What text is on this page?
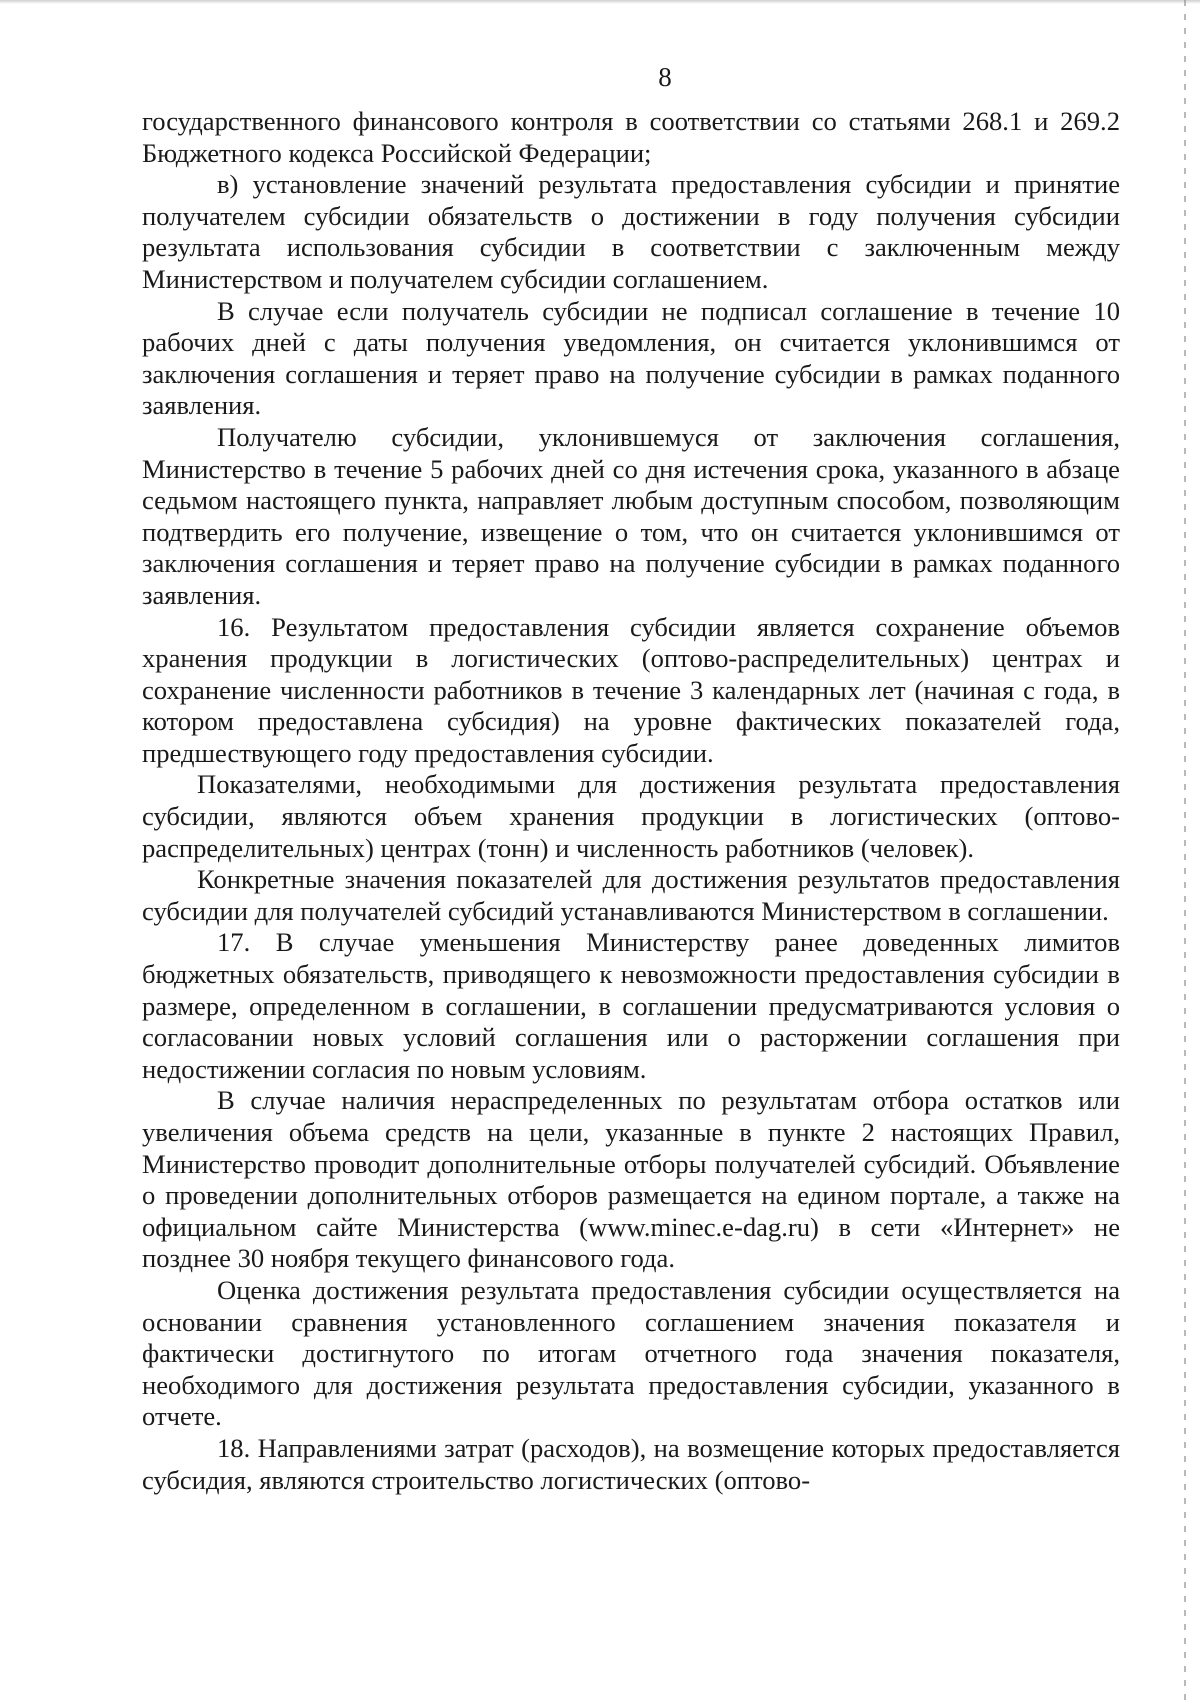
8

государственного финансового контроля в соответствии со статьями 268.1 и 269.2 Бюджетного кодекса Российской Федерации;

в) установление значений результата предоставления субсидии и принятие получателем субсидии обязательств о достижении в году получения субсидии результата использования субсидии в соответствии с заключенным между Министерством и получателем субсидии соглашением.

В случае если получатель субсидии не подписал соглашение в течение 10 рабочих дней с даты получения уведомления, он считается уклонившимся от заключения соглашения и теряет право на получение субсидии в рамках поданного заявления.

Получателю субсидии, уклонившемуся от заключения соглашения, Министерство в течение 5 рабочих дней со дня истечения срока, указанного в абзаце седьмом настоящего пункта, направляет любым доступным способом, позволяющим подтвердить его получение, извещение о том, что он считается уклонившимся от заключения соглашения и теряет право на получение субсидии в рамках поданного заявления.

16. Результатом предоставления субсидии является сохранение объемов хранения продукции в логистических (оптово-распределительных) центрах и сохранение численности работников в течение 3 календарных лет (начиная с года, в котором предоставлена субсидия) на уровне фактических показателей года, предшествующего году предоставления субсидии.

Показателями, необходимыми для достижения результата предоставления субсидии, являются объем хранения продукции в логистических (оптово-распределительных) центрах (тонн) и численность работников (человек).

Конкретные значения показателей для достижения результатов предоставления субсидии для получателей субсидий устанавливаются Министерством в соглашении.

17. В случае уменьшения Министерству ранее доведенных лимитов бюджетных обязательств, приводящего к невозможности предоставления субсидии в размере, определенном в соглашении, в соглашении предусматриваются условия о согласовании новых условий соглашения или о расторжении соглашения при недостижении согласия по новым условиям.

В случае наличия нераспределенных по результатам отбора остатков или увеличения объема средств на цели, указанные в пункте 2 настоящих Правил, Министерство проводит дополнительные отборы получателей субсидий. Объявление о проведении дополнительных отборов размещается на едином портале, а также на официальном сайте Министерства (www.minec.e-dag.ru) в сети «Интернет» не позднее 30 ноября текущего финансового года.

Оценка достижения результата предоставления субсидии осуществляется на основании сравнения установленного соглашением значения показателя и фактически достигнутого по итогам отчетного года значения показателя, необходимого для достижения результата предоставления субсидии, указанного в отчете.

18. Направлениями затрат (расходов), на возмещение которых предоставляется субсидия, являются строительство логистических (оптово-
